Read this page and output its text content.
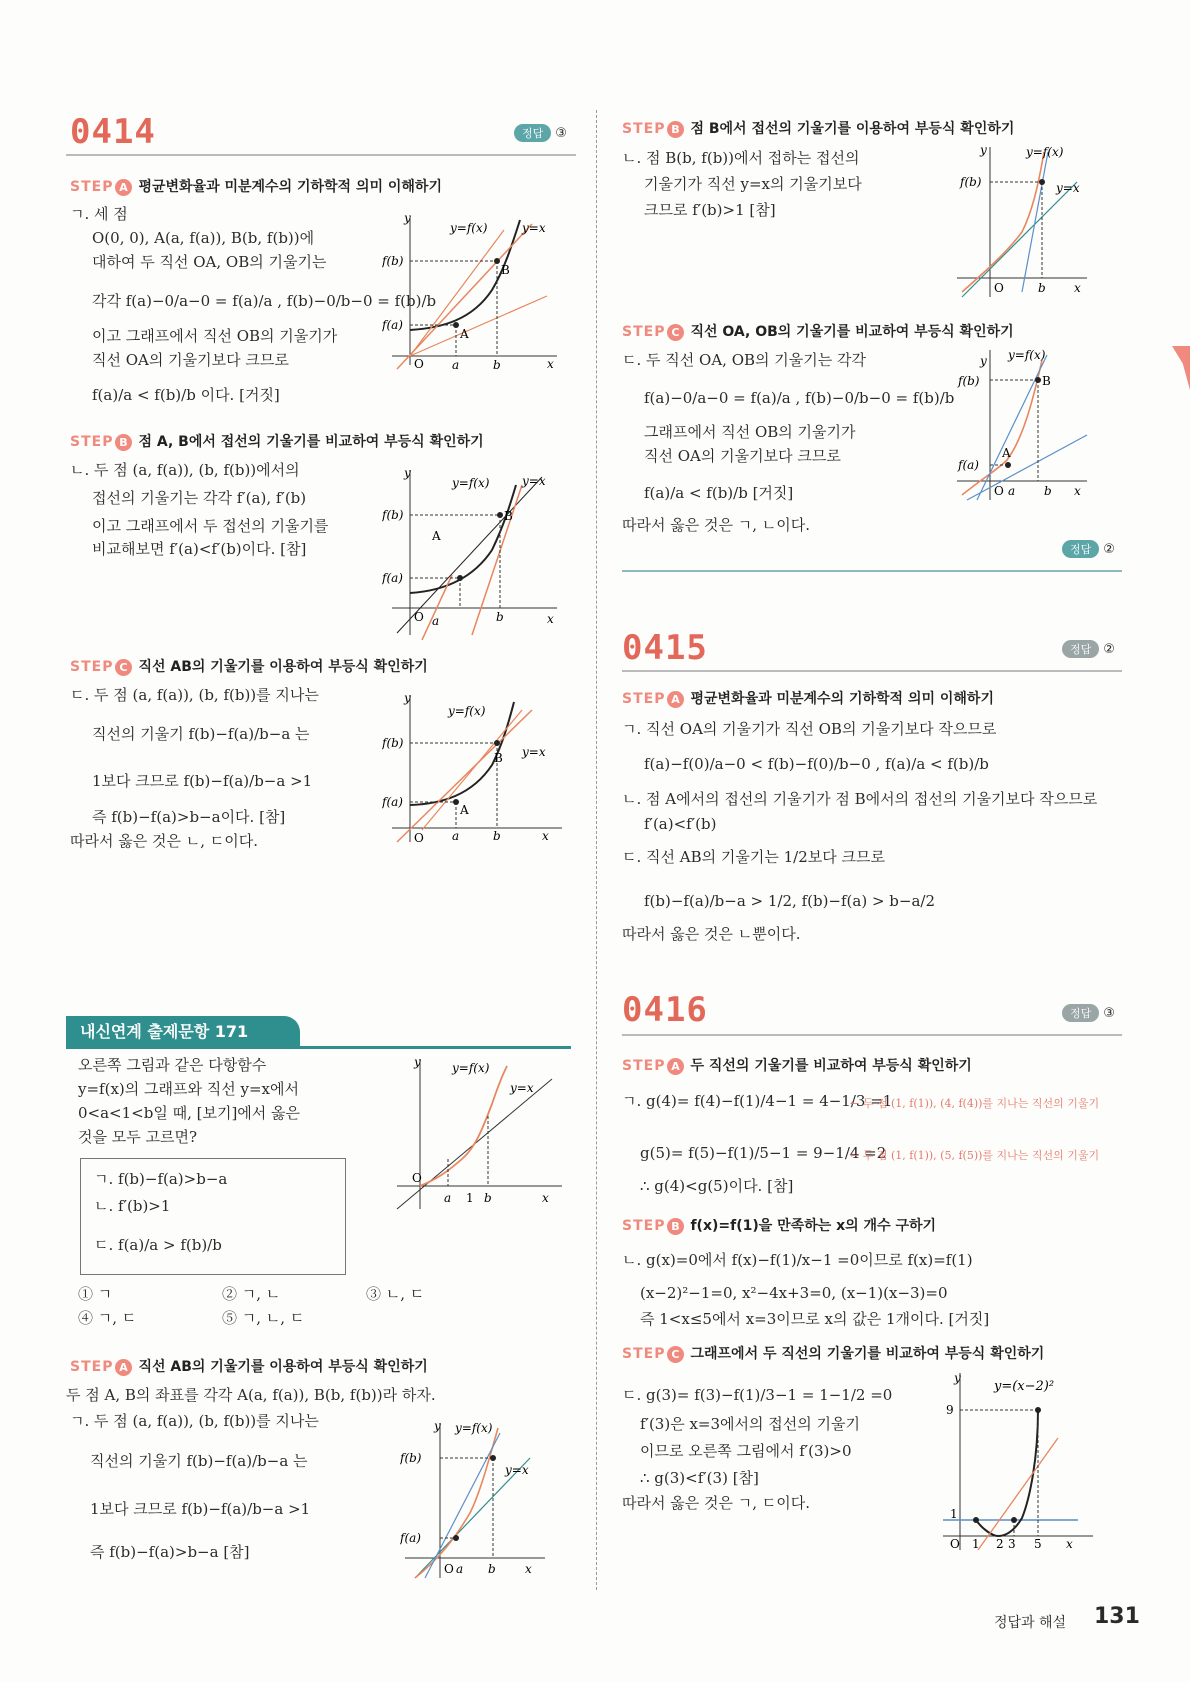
0414	정답 ③
STEP A 평균변화율과 미분계수의 기하학적 의미 이해하기
ㄱ. 세 점
O(0, 0), A(a, f(a)), B(b, f(b))에
대하여 두 직선 OA, OB의 기울기는
각각 f(a)−0/a−0 = f(a)/a , f(b)−0/b−0 = f(b)/b
이고 그래프에서 직선 OB의 기울기가
직선 OA의 기울기보다 크므로
f(a)/a < f(b)/b 이다. [거짓]
y
x
O
A
B
f(a)
f(b)
a	b
y=f(x)	y=x
STEP B 점 A, B에서 접선의 기울기를 비교하여 부등식 확인하기
ㄴ. 두 점 (a, f(a)), (b, f(b))에서의
접선의 기울기는 각각 f′(a), f′(b)
이고 그래프에서 두 접선의 기울기를
비교해보면 f′(a)<f′(b)이다. [참]
y
x
O
A
B
f(a)
f(b)
a	b
y=f(x)	y=x
STEP C 직선 AB의 기울기를 이용하여 부등식 확인하기
ㄷ. 두 점 (a, f(a)), (b, f(b))를 지나는
직선의 기울기 f(b)−f(a)/b−a 는
1보다 크므로 f(b)−f(a)/b−a >1
즉 f(b)−f(a)>b−a이다. [참]
따라서 옳은 것은 ㄴ, ㄷ이다.
y
x
O
A
B
f(a)
f(b)
a	b
y=f(x)
y=x
내신연계 출제문항 171
오른쪽 그림과 같은 다항함수
y=f(x)의 그래프와 직선 y=x에서
0<a<1<b일 때, [보기]에서 옳은
것을 모두 고르면?
ㄱ. f(b)−f(a)>b−a
ㄴ. f′(b)>1
ㄷ. f(a)/a > f(b)/b
① ㄱ	② ㄱ, ㄴ	③ ㄴ, ㄷ
④ ㄱ, ㄷ	⑤ ㄱ, ㄴ, ㄷ
y
x
O
a 1 b
y=f(x)
y=x
STEP A 직선 AB의 기울기를 이용하여 부등식 확인하기
두 점 A, B의 좌표를 각각 A(a, f(a)), B(b, f(b))라 하자.
ㄱ. 두 점 (a, f(a)), (b, f(b))를 지나는
직선의 기울기 f(b)−f(a)/b−a 는
1보다 크므로 f(b)−f(a)/b−a >1
즉 f(b)−f(a)>b−a [참]
y
x
O
f(a)
f(b)
a b
y=f(x)
y=x
STEP B 점 B에서 접선의 기울기를 이용하여 부등식 확인하기
ㄴ. 점 B(b, f(b))에서 접하는 접선의
기울기가 직선 y=x의 기울기보다
크므로 f′(b)>1 [참]
y
x
O
f(b)
b
y=f(x)
y=x
STEP C 직선 OA, OB의 기울기를 비교하여 부등식 확인하기
ㄷ. 두 직선 OA, OB의 기울기는 각각
f(a)−0/a−0 = f(a)/a , f(b)−0/b−0 = f(b)/b
그래프에서 직선 OB의 기울기가
직선 OA의 기울기보다 크므로
f(a)/a < f(b)/b [거짓]
따라서 옳은 것은 ㄱ, ㄴ이다.
y
x
O
A
B
f(a)
f(b)
a b
y=f(x)
정답 ②
0415	정답 ②
STEP A 평균변화율과 미분계수의 기하학적 의미 이해하기
ㄱ. 직선 OA의 기울기가 직선 OB의 기울기보다 작으므로
f(a)−f(0)/a−0 < f(b)−f(0)/b−0 , f(a)/a < f(b)/b
ㄴ. 점 A에서의 접선의 기울기가 점 B에서의 접선의 기울기보다 작으므로
f′(a)<f′(b)
ㄷ. 직선 AB의 기울기는 1/2보다 크므로
f(b)−f(a)/b−a > 1/2, f(b)−f(a) > b−a/2
따라서 옳은 것은 ㄴ뿐이다.
0416	정답 ③
STEP A 두 직선의 기울기를 비교하여 부등식 확인하기
ㄱ. g(4)= f(4)−f(1)/4−1 = 4−1/3 =1
← 두 점 (1, f(1)), (4, f(4))를 지나는 직선의 기울기
g(5)= f(5)−f(1)/5−1 = 9−1/4 =2
← 두 점 (1, f(1)), (5, f(5))를 지나는 직선의 기울기
∴ g(4)<g(5)이다. [참]
STEP B f(x)=f(1)을 만족하는 x의 개수 구하기
ㄴ. g(x)=0에서 f(x)−f(1)/x−1 =0이므로 f(x)=f(1)
(x−2)²−1=0, x²−4x+3=0, (x−1)(x−3)=0
즉 1<x≤5에서 x=3이므로 x의 값은 1개이다. [거짓]
STEP C 그래프에서 두 직선의 기울기를 비교하여 부등식 확인하기
ㄷ. g(3)= f(3)−f(1)/3−1 = 1−1/2 =0
f′(3)은 x=3에서의 접선의 기울기
이므로 오른쪽 그림에서 f′(3)>0
∴ g(3)<f′(3) [참]
따라서 옳은 것은 ㄱ, ㄷ이다.
y
x
O
9
1
1 2 3 5
y=(x−2)²
정답과 해설 131
